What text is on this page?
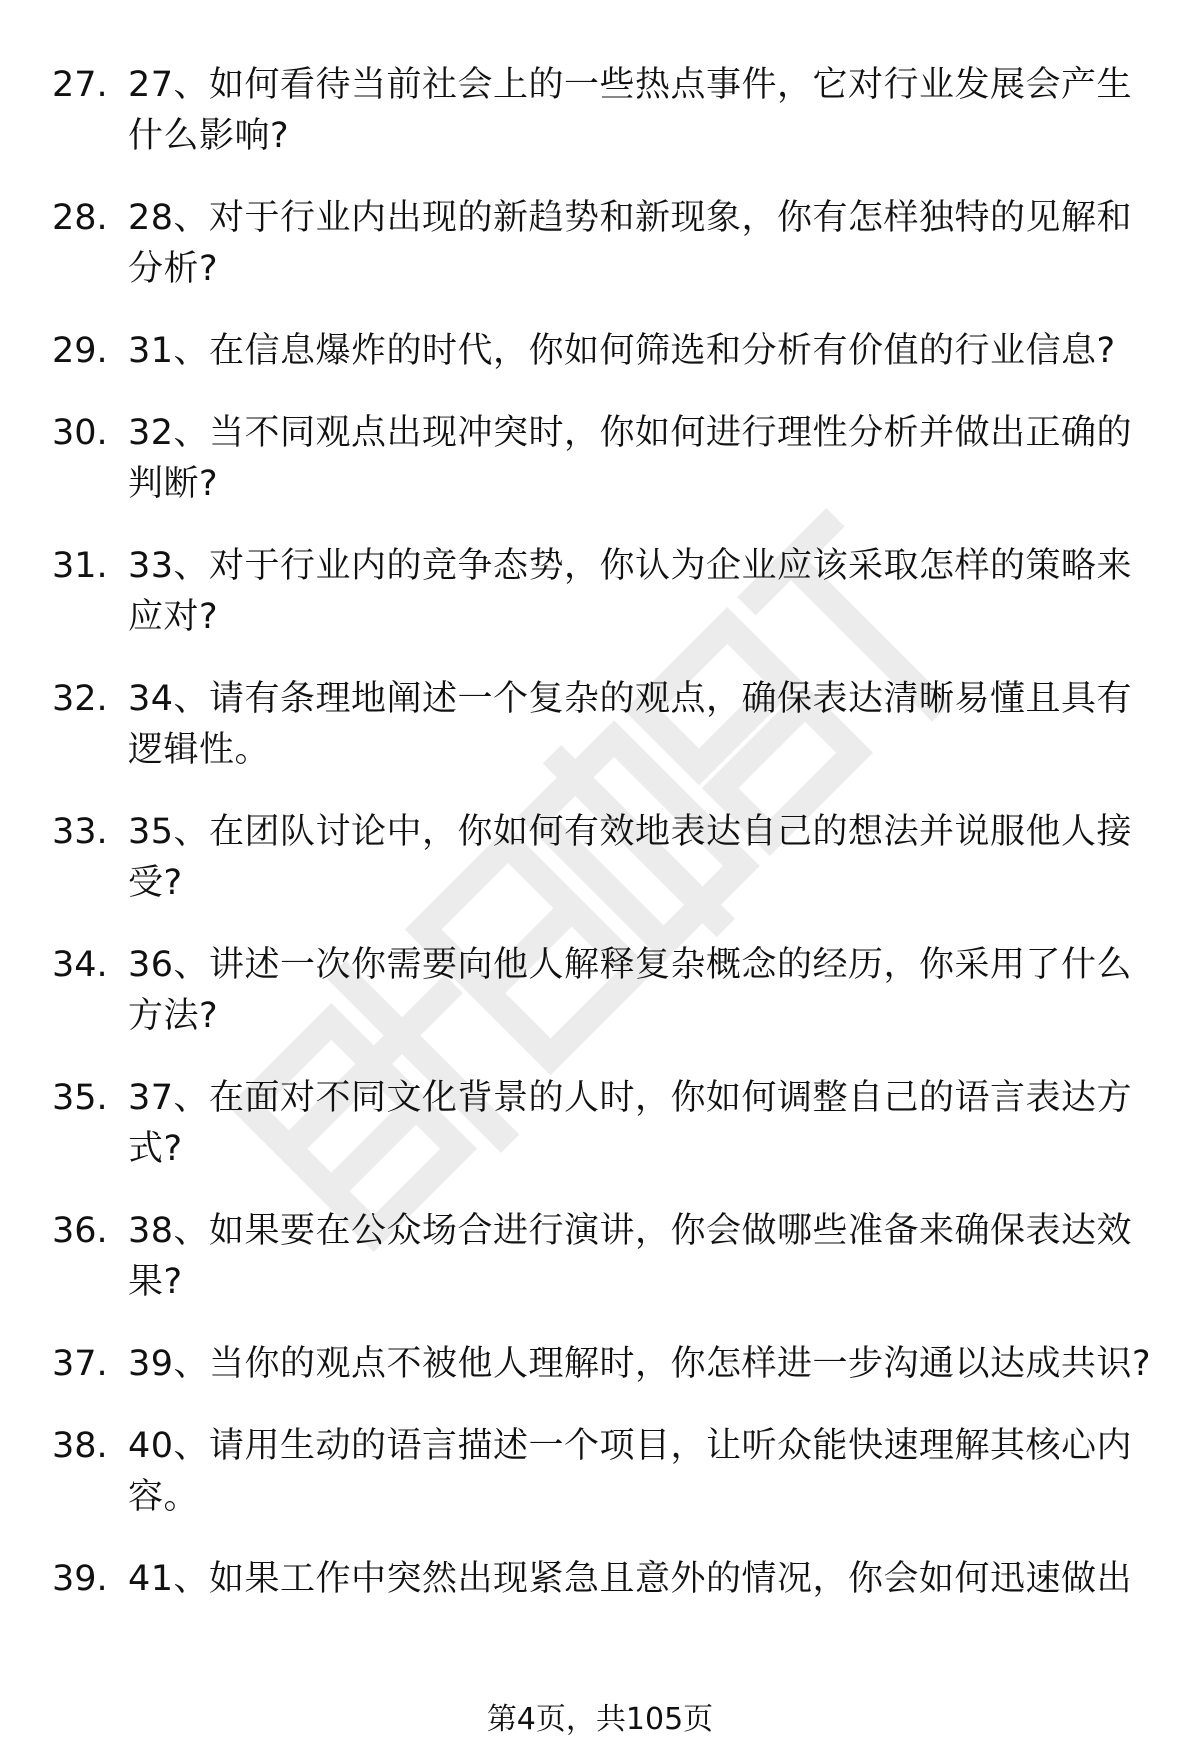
27. 27、如何看待当前社会上的一些热点事件，它对行业发展会产生什么影响?
28. 28、对于行业内出现的新趋势和新现象，你有怎样独特的见解和分析?
29. 31、在信息爆炸的时代，你如何筛选和分析有价值的行业信息?
30. 32、当不同观点出现冲突时，你如何进行理性分析并做出正确的判断?
31. 33、对于行业内的竞争态势，你认为企业应该采取怎样的策略来应对?
32. 34、请有条理地阐述一个复杂的观点，确保表达清晰易懂且具有逻辑性。
33. 35、在团队讨论中，你如何有效地表达自己的想法并说服他人接受?
34. 36、讲述一次你需要向他人解释复杂概念的经历，你采用了什么方法?
35. 37、在面对不同文化背景的人时，你如何调整自己的语言表达方式?
36. 38、如果要在公众场合进行演讲，你会做哪些准备来确保表达效果?
37. 39、当你的观点不被他人理解时，你怎样进一步沟通以达成共识?
38. 40、请用生动的语言描述一个项目，让听众能快速理解其核心内容。
39. 41、如果工作中突然出现紧急且意外的情况，你会如何迅速做出
第4页，共105页
